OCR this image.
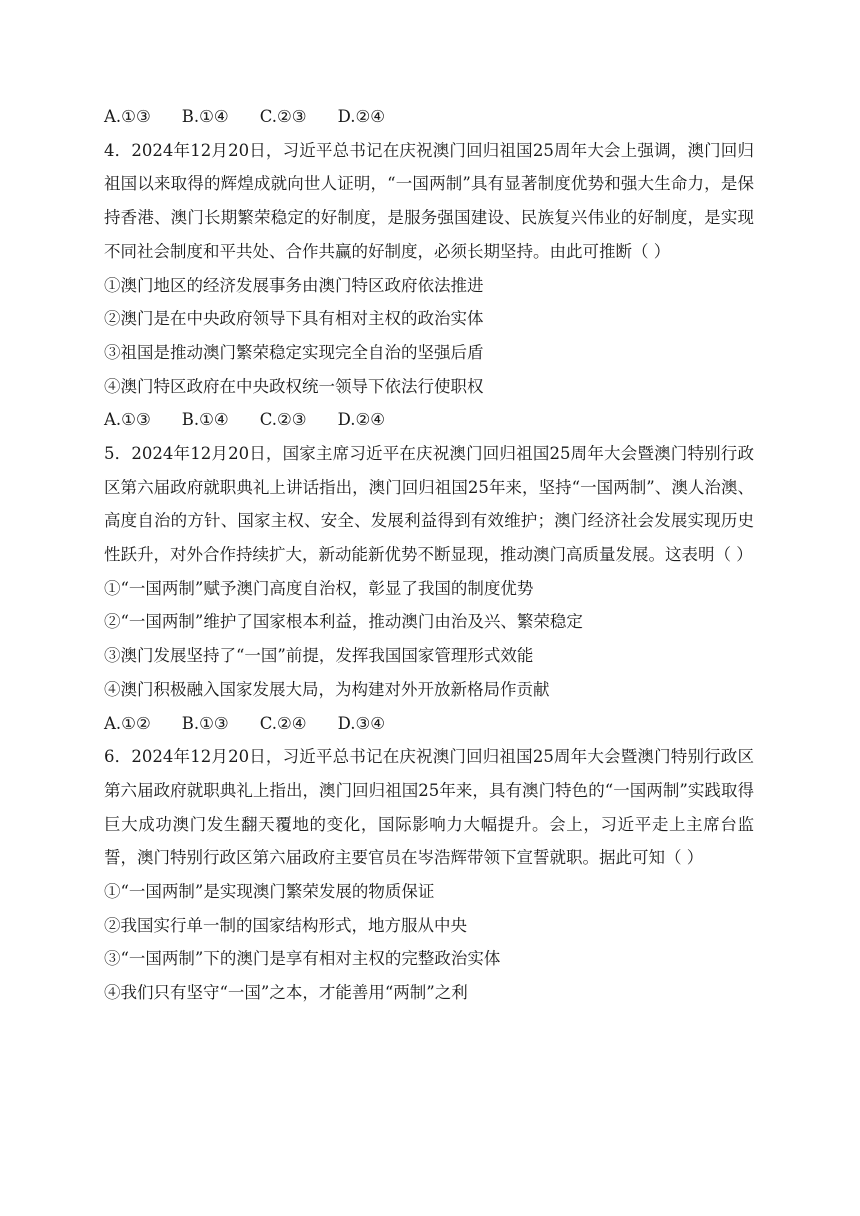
A.①③ B.①④ C.②③ D.②④
4．2024年12月20日，习近平总书记在庆祝澳门回归祖国25周年大会上强调，澳门回归祖国以来取得的辉煌成就向世人证明，“一国两制”具有显著制度优势和强大生命力，是保持香港、澳门长期繁荣稳定的好制度，是服务强国建设、民族复兴伟业的好制度，是实现不同社会制度和平共处、合作共赢的好制度，必须长期坚持。由此可推断（ ）
①澳门地区的经济发展事务由澳门特区政府依法推进
②澳门是在中央政府领导下具有相对主权的政治实体
③祖国是推动澳门繁荣稳定实现完全自治的坚强后盾
④澳门特区政府在中央政权统一领导下依法行使职权
A.①③ B.①④ C.②③ D.②④
5．2024年12月20日，国家主席习近平在庆祝澳门回归祖国25周年大会暨澳门特别行政区第六届政府就职典礼上讲话指出，澳门回归祖国25年来，坚持“一国两制”、澳人治澳、高度自治的方针、国家主权、安全、发展利益得到有效维护；澳门经济社会发展实现历史性跃升，对外合作持续扩大，新动能新优势不断显现，推动澳门高质量发展。这表明（ ）
①“一国两制”赋予澳门高度自治权，彰显了我国的制度优势
②“一国两制”维护了国家根本利益，推动澳门由治及兴、繁荣稳定
③澳门发展坚持了“一国”前提，发挥我国国家管理形式效能
④澳门积极融入国家发展大局，为构建对外开放新格局作贡献
A.①② B.①③ C.②④ D.③④
6．2024年12月20日，习近平总书记在庆祝澳门回归祖国25周年大会暨澳门特别行政区第六届政府就职典礼上指出，澳门回归祖国25年来，具有澳门特色的“一国两制”实践取得巨大成功澳门发生翻天覆地的变化，国际影响力大幅提升。会上，习近平走上主席台监誓，澳门特别行政区第六届政府主要官员在岑浩辉带领下宣誓就职。据此可知（ ）
①“一国两制”是实现澳门繁荣发展的物质保证
②我国实行单一制的国家结构形式，地方服从中央
③“一国两制”下的澳门是享有相对主权的完整政治实体
④我们只有坚守“一国”之本，才能善用“两制”之利
